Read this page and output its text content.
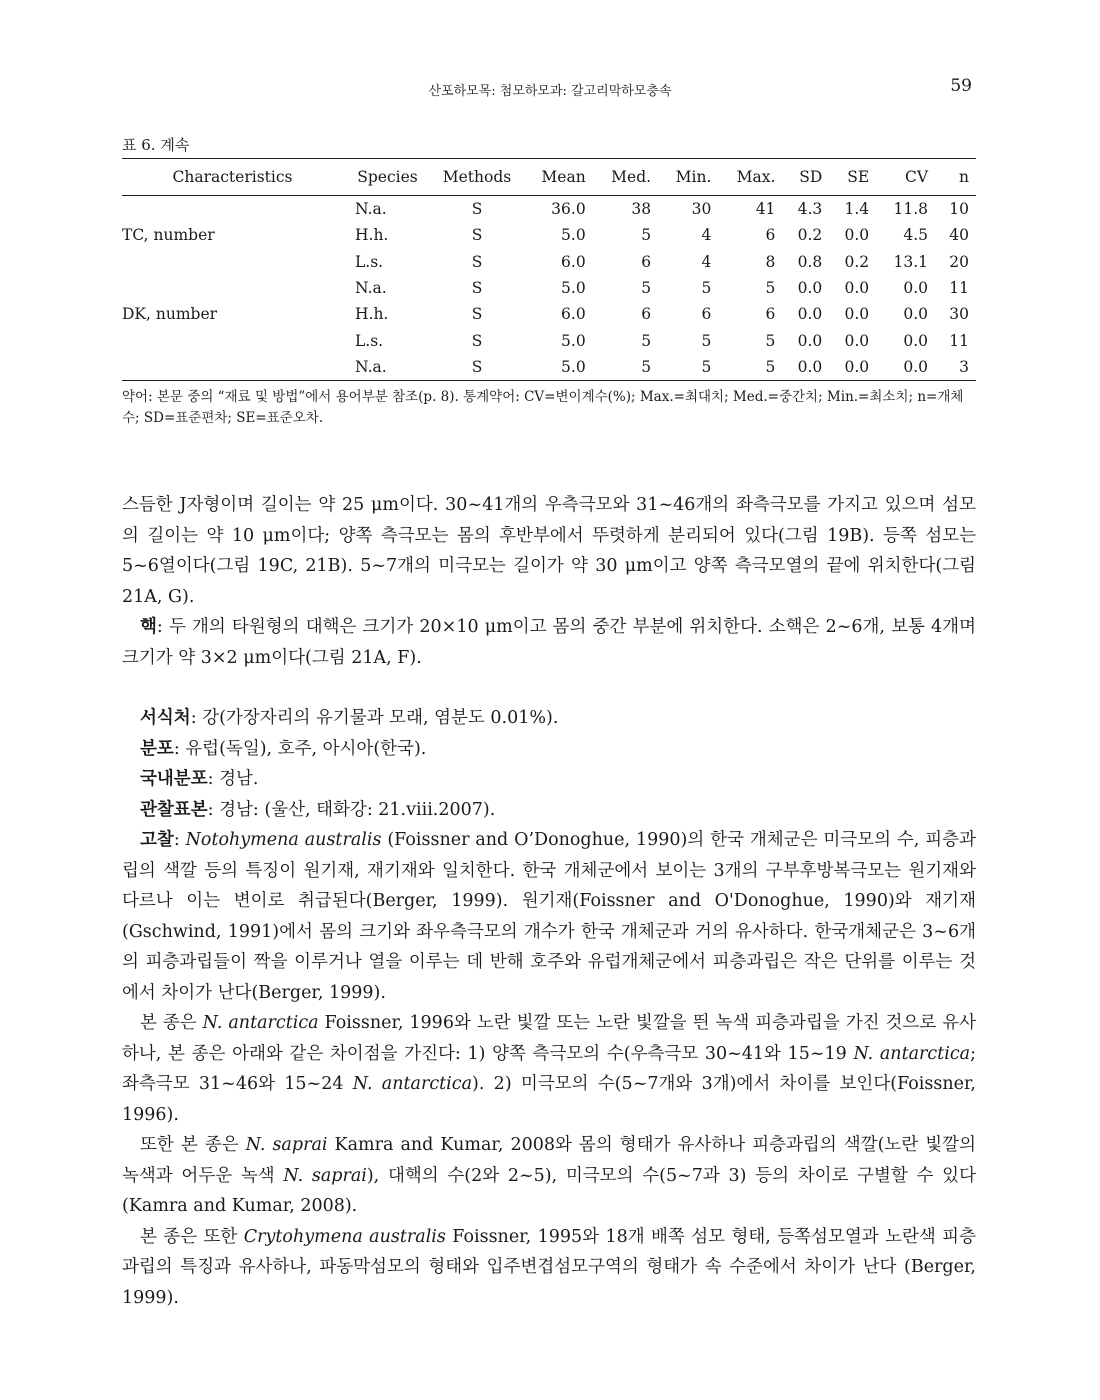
산포하모목: 첨모하모과: 갈고리막하모충속	59
표 6. 계속
Characteristics	Species	Methods	Mean	Med.	Min.	Max.	SD	SE	CV	n
	N.a.	S	36.0	38	30	41	4.3	1.4	11.8	10
TC, number	H.h.	S	5.0	5	4	6	0.2	0.0	4.5	40
	L.s.	S	6.0	6	4	8	0.8	0.2	13.1	20
	N.a.	S	5.0	5	5	5	0.0	0.0	0.0	11
DK, number	H.h.	S	6.0	6	6	6	0.0	0.0	0.0	30
	L.s.	S	5.0	5	5	5	0.0	0.0	0.0	11
	N.a.	S	5.0	5	5	5	0.0	0.0	0.0	3
약어: 본문 중의 “재료 및 방법”에서 용어부분 참조(p. 8). 통계약어: CV=변이계수(%); Max.=최대치; Med.=중간치; Min.=최소치; n=개체수; SD=표준편차; SE=표준오차.

스듬한 J자형이며 길이는 약 25 μm이다. 30~41개의 우측극모와 31~46개의 좌측극모를 가지고 있으며 섬모의 길이는 약 10 μm이다; 양쪽 측극모는 몸의 후반부에서 뚜렷하게 분리되어 있다(그림 19B). 등쪽 섬모는 5~6열이다(그림 19C, 21B). 5~7개의 미극모는 길이가 약 30 μm이고 양쪽 측극모열의 끝에 위치한다(그림 21A, G).

핵: 두 개의 타원형의 대핵은 크기가 20×10 μm이고 몸의 중간 부분에 위치한다. 소핵은 2~6개, 보통 4개며 크기가 약 3×2 μm이다(그림 21A, F).

서식처: 강(가장자리의 유기물과 모래, 염분도 0.01%).

분포: 유럽(독일), 호주, 아시아(한국).

국내분포: 경남.

관찰표본: 경남: (울산, 태화강: 21.viii.2007).

고찰: Notohymena australis (Foissner and O’Donoghue, 1990)의 한국 개체군은 미극모의 수, 피층과립의 색깔 등의 특징이 원기재, 재기재와 일치한다. 한국 개체군에서 보이는 3개의 구부후방복극모는 원기재와 다르나 이는 변이로 취급된다(Berger, 1999). 원기재(Foissner and O'Donoghue, 1990)와 재기재 (Gschwind, 1991)에서 몸의 크기와 좌우측극모의 개수가 한국 개체군과 거의 유사하다. 한국개체군은 3~6개의 피층과립들이 짝을 이루거나 열을 이루는 데 반해 호주와 유럽개체군에서 피층과립은 작은 단위를 이루는 것에서 차이가 난다(Berger, 1999).

본 종은 N. antarctica Foissner, 1996와 노란 빛깔 또는 노란 빛깔을 띈 녹색 피층과립을 가진 것으로 유사하나, 본 종은 아래와 같은 차이점을 가진다: 1) 양쪽 측극모의 수(우측극모 30~41와 15~19 N. antarctica; 좌측극모 31~46와 15~24 N. antarctica). 2) 미극모의 수(5~7개와 3개)에서 차이를 보인다(Foissner, 1996).

또한 본 종은 N. saprai Kamra and Kumar, 2008와 몸의 형태가 유사하나 피층과립의 색깔(노란 빛깔의 녹색과 어두운 녹색 N. saprai), 대핵의 수(2와 2~5), 미극모의 수(5~7과 3) 등의 차이로 구별할 수 있다(Kamra and Kumar, 2008).

본 종은 또한 Crytohymena australis Foissner, 1995와 18개 배쪽 섬모 형태, 등쪽섬모열과 노란색 피층과립의 특징과 유사하나, 파동막섬모의 형태와 입주변겹섬모구역의 형태가 속 수준에서 차이가 난다 (Berger, 1999).
